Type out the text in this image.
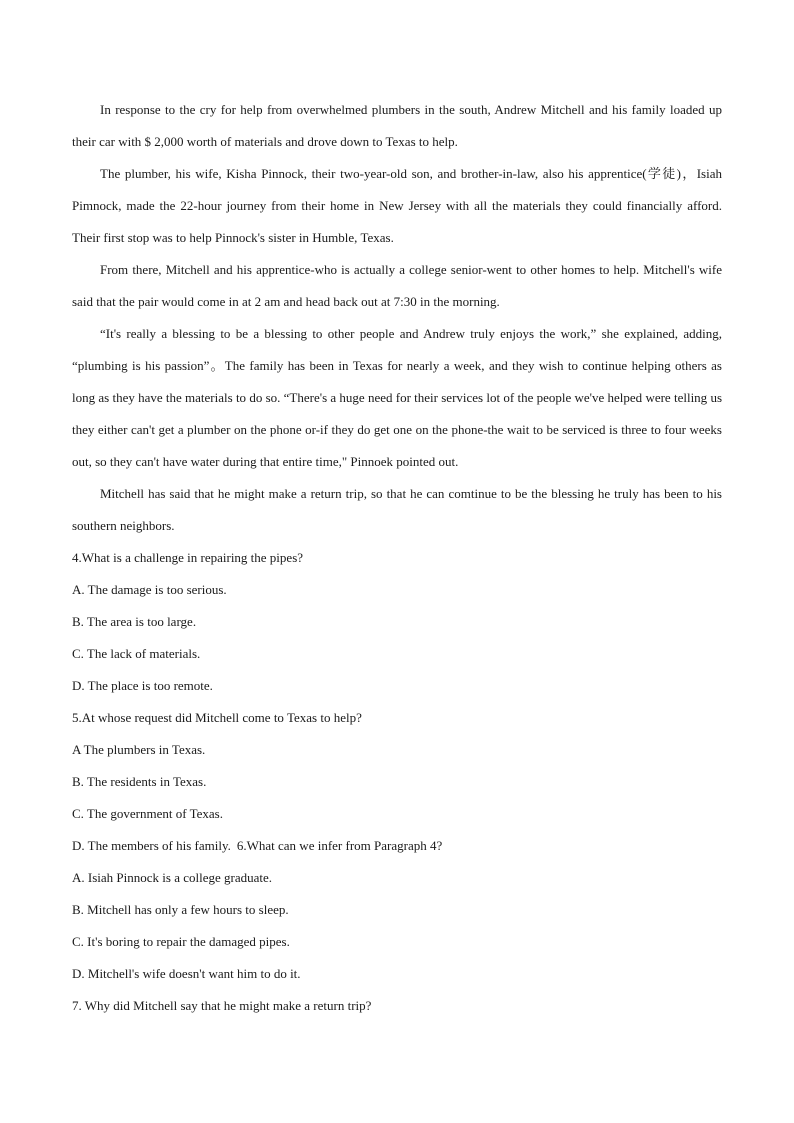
In response to the cry for help from overwhelmed plumbers in the south, Andrew Mitchell and his family loaded up their car with $ 2,000 worth of materials and drove down to Texas to help.

The plumber, his wife, Kisha Pinnock, their two-year-old son, and brother-in-law, also his apprentice(学徒)，Isiah Pimnock, made the 22-hour journey from their home in New Jersey with all the materials they could financially afford. Their first stop was to help Pinnock's sister in Humble, Texas.

From there, Mitchell and his apprentice-who is actually a college senior-went to other homes to help. Mitchell's wife said that the pair would come in at 2 am and head back out at 7:30 in the morning.

“It's really a blessing to be a blessing to other people and Andrew truly enjoys the work,” she explained, adding, “plumbing is his passion”。The family has been in Texas for nearly a week, and they wish to continue helping others as long as they have the materials to do so. “There's a huge need for their services lot of the people we've helped were telling us they either can't get a plumber on the phone or-if they do get one on the phone-the wait to be serviced is three to four weeks out, so they can't have water during that entire time," Pinnoek pointed out.

Mitchell has said that he might make a return trip, so that he can comtinue to be the blessing he truly has been to his southern neighbors.

4.What is a challenge in repairing the pipes?

A. The damage is too serious.

B. The area is too large.

C. The lack of materials.

D. The place is too remote.

5.At whose request did Mitchell come to Texas to help?

A The plumbers in Texas.

B. The residents in Texas.

C. The government of Texas.

D. The members of his family. 6.What can we infer from Paragraph 4?

A. Isiah Pinnock is a college graduate.

B. Mitchell has only a few hours to sleep.

C. It's boring to repair the damaged pipes.

D. Mitchell's wife doesn't want him to do it.

7. Why did Mitchell say that he might make a return trip?
